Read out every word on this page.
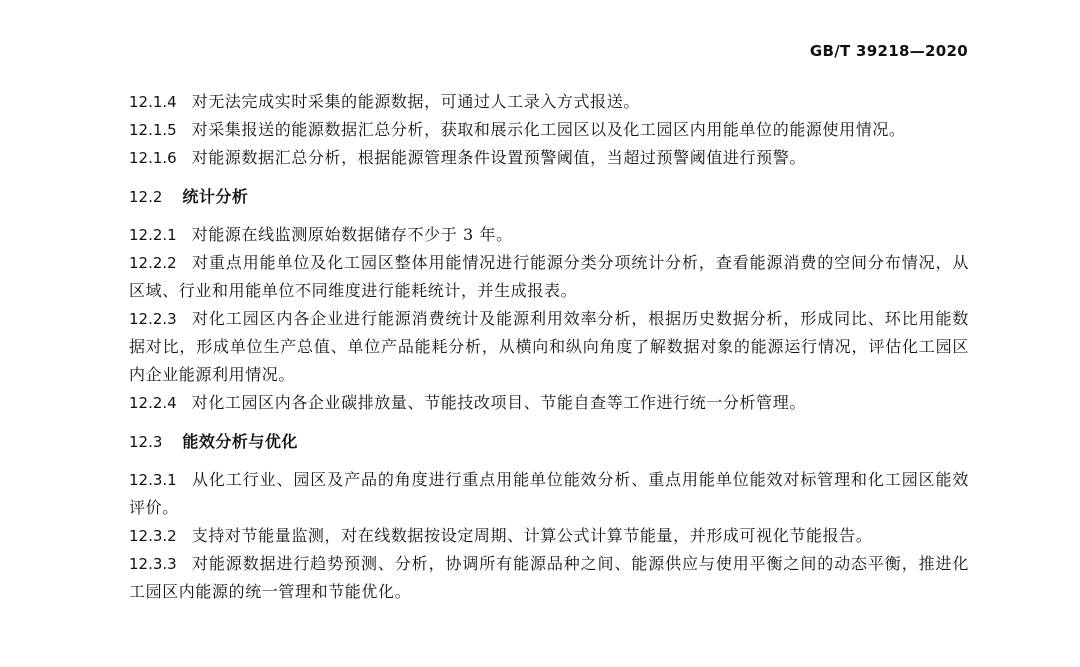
GB/T 39218—2020

12.1.4 对无法完成实时采集的能源数据，可通过人工录入方式报送。

12.1.5 对采集报送的能源数据汇总分析，获取和展示化工园区以及化工园区内用能单位的能源使用情况。

12.1.6 对能源数据汇总分析，根据能源管理条件设置预警阈值，当超过预警阈值进行预警。

12.2 统计分析

12.2.1 对能源在线监测原始数据储存不少于 3 年。

12.2.2 对重点用能单位及化工园区整体用能情况进行能源分类分项统计分析，查看能源消费的空间分布情况，从区域、行业和用能单位不同维度进行能耗统计，并生成报表。

12.2.3 对化工园区内各企业进行能源消费统计及能源利用效率分析，根据历史数据分析，形成同比、环比用能数据对比，形成单位生产总值、单位产品能耗分析，从横向和纵向角度了解数据对象的能源运行情况，评估化工园区内企业能源利用情况。

12.2.4 对化工园区内各企业碳排放量、节能技改项目、节能自查等工作进行统一分析管理。

12.3 能效分析与优化

12.3.1 从化工行业、园区及产品的角度进行重点用能单位能效分析、重点用能单位能效对标管理和化工园区能效评价。

12.3.2 支持对节能量监测，对在线数据按设定周期、计算公式计算节能量，并形成可视化节能报告。

12.3.3 对能源数据进行趋势预测、分析，协调所有能源品种之间、能源供应与使用平衡之间的动态平衡，推进化工园区内能源的统一管理和节能优化。
